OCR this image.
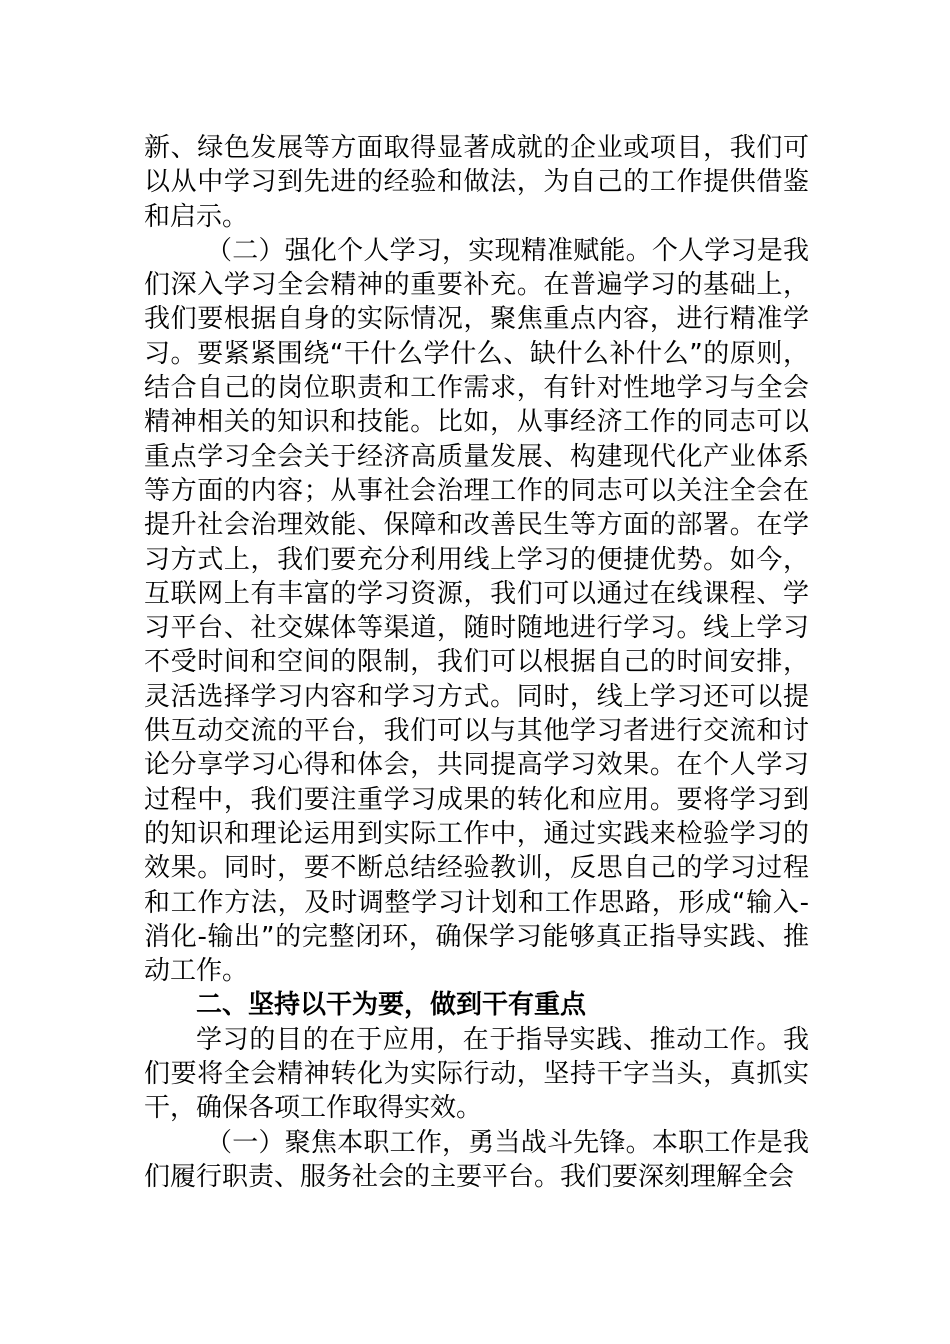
新、绿色发展等方面取得显著成就的企业或项目，我们可以从中学习到先进的经验和做法，为自己的工作提供借鉴和启示。

（二）强化个人学习，实现精准赋能。个人学习是我们深入学习全会精神的重要补充。在普遍学习的基础上，我们要根据自身的实际情况，聚焦重点内容，进行精准学习。要紧紧围绕“干什么学什么、缺什么补什么”的原则，结合自己的岗位职责和工作需求，有针对性地学习与全会精神相关的知识和技能。比如，从事经济工作的同志可以重点学习全会关于经济高质量发展、构建现代化产业体系等方面的内容；从事社会治理工作的同志可以关注全会在提升社会治理效能、保障和改善民生等方面的部署。在学习方式上，我们要充分利用线上学习的便捷优势。如今，互联网上有丰富的学习资源，我们可以通过在线课程、学习平台、社交媒体等渠道，随时随地进行学习。线上学习不受时间和空间的限制，我们可以根据自己的时间安排，灵活选择学习内容和学习方式。同时，线上学习还可以提供互动交流的平台，我们可以与其他学习者进行交流和讨论分享学习心得和体会，共同提高学习效果。在个人学习过程中，我们要注重学习成果的转化和应用。要将学习到的知识和理论运用到实际工作中，通过实践来检验学习的效果。同时，要不断总结经验教训，反思自己的学习过程和工作方法，及时调整学习计划和工作思路，形成“输入-消化-输出”的完整闭环，确保学习能够真正指导实践、推动工作。

二、坚持以干为要，做到干有重点

学习的目的在于应用，在于指导实践、推动工作。我们要将全会精神转化为实际行动，坚持干字当头，真抓实干，确保各项工作取得实效。

（一）聚焦本职工作，勇当战斗先锋。本职工作是我们履行职责、服务社会的主要平台。我们要深刻理解全会
